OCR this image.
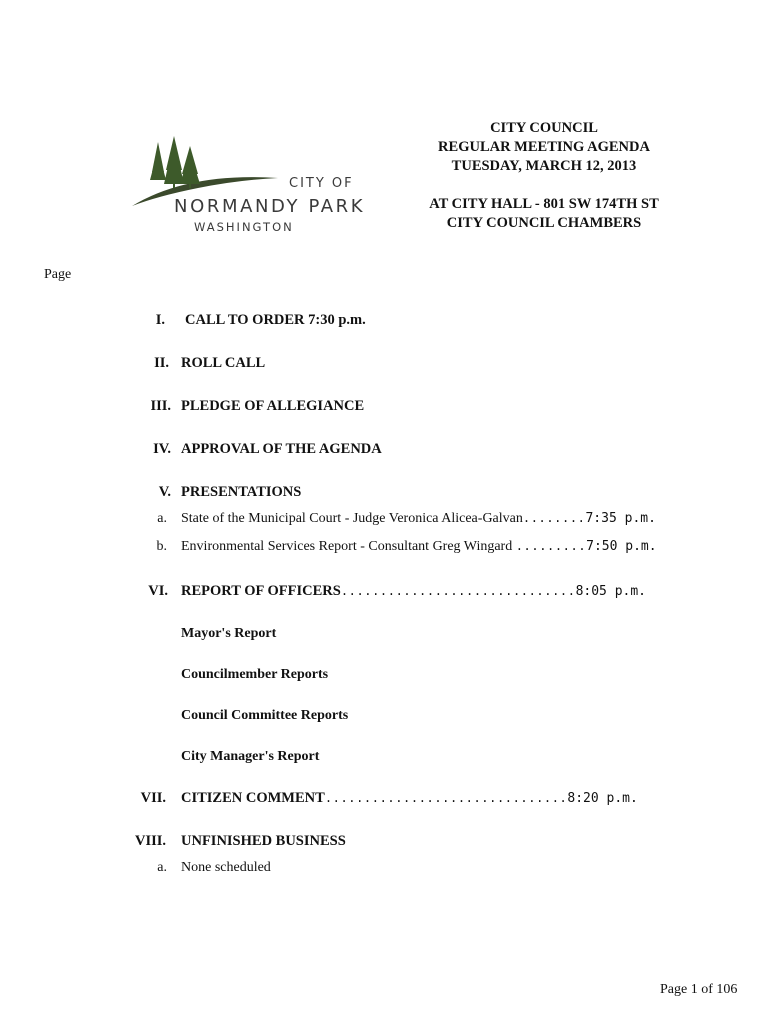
CITY COUNCIL
REGULAR MEETING AGENDA
TUESDAY, MARCH 12, 2013
AT CITY HALL - 801 SW 174TH ST
CITY COUNCIL CHAMBERS
CITY OF
NORMANDY PARK
WASHINGTON
Page
I. CALL TO ORDER 7:30 p.m.
II. ROLL CALL
III. PLEDGE OF ALLEGIANCE
IV. APPROVAL OF THE AGENDA
V. PRESENTATIONS
a. State of the Municipal Court - Judge Veronica Alicea-Galvan........7:35 p.m.
b. Environmental Services Report - Consultant Greg Wingard .........7:50 p.m.
VI. REPORT OF OFFICERS..............................8:05 p.m.
Mayor's Report
Councilmember Reports
Council Committee Reports
City Manager's Report
VII. CITIZEN COMMENT...............................8:20 p.m.
VIII. UNFINISHED BUSINESS
a. None scheduled
Page 1 of 106
